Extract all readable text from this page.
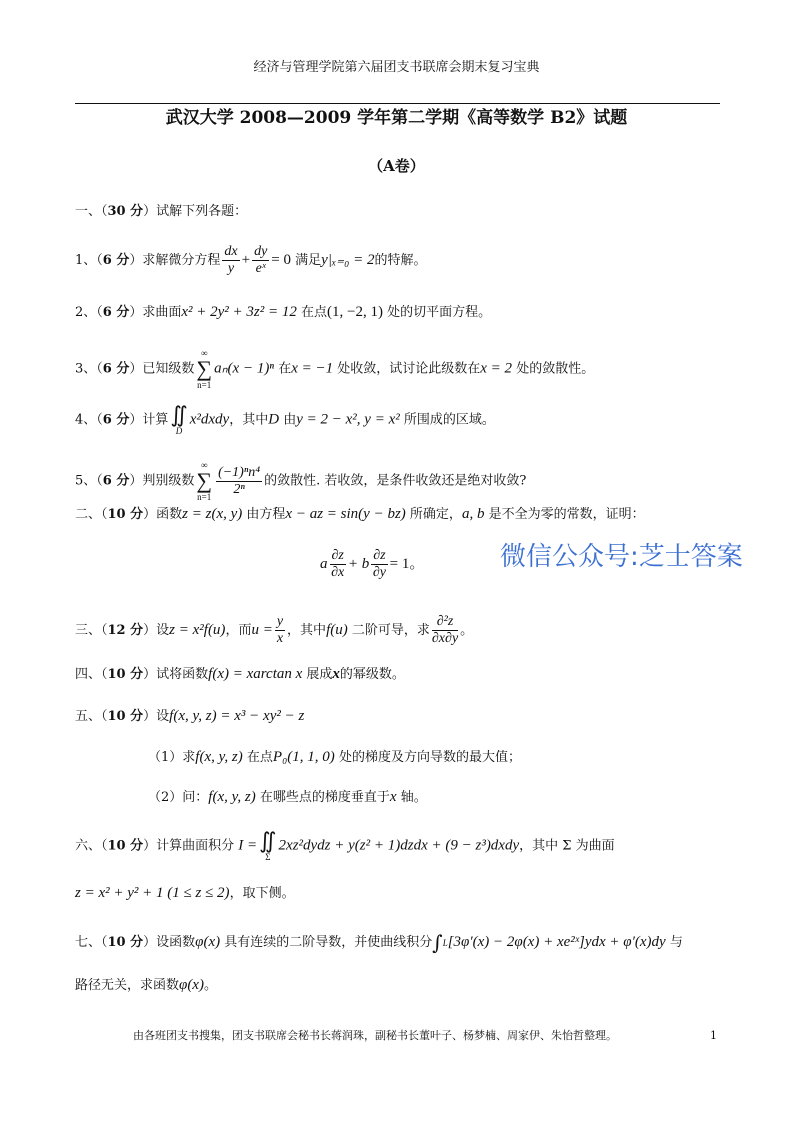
经济与管理学院第六届团支书联席会期末复习宝典
武汉大学 2008—2009 学年第二学期《高等数学 B2》试题
（A卷）
一、（30 分）试解下列各题：
1、（6 分）求解微分方程 $\frac{dx}{y} + \frac{dy}{\text{eˣ}} = 0$ 满足y|ₓ₌₀ = 2的特解。
2、（6 分）求曲面x² + 2y² + 3z² = 12 在点(1, −2, 1) 处的切平面方程。
3、（6 分）已知级数
∞
∑
n=1
aₙ(x − 1)ⁿ 在x = −1 处收敛，试讨论此级数在x = 2 处的敛散性。
4、（6 分）计算 ∬
D
x²dxdy，其中D 由y = 2 − x², y = x² 所围成的区域。
5、（6 分）判别级数
∞
∑
$n=1 \frac{\text{(−1)ⁿn⁴}}{\text{2ⁿ}}$ 的敛散性. 若收敛，是条件收敛还是绝对收敛?
二、（10 分）函数z = z(x, y) 由方程x − az = sin(y − bz) 所确定，a, b 是不全为零的常数，证明：
a $\frac{\partial z}{\partial x} + b \frac{\partial z}{\partial y} = 1$。
三、（12 分）设z = x²f(u)，而$u = \frac{y}{x}$ ，其中f(u) 二阶可导，求 $\frac{\text{∂²z}}{\partial x\partial y}$ 。
四、（10 分）试将函数f(x) = xarctan x 展成x的幂级数。
五、（10 分）设f(x, y, z) = x³ − xy² − z
（1）求f(x, y, z) 在点P₀(1, 1, 0) 处的梯度及方向导数的最大值；
（2）问：f(x, y, z) 在哪些点的梯度垂直于x 轴。
六、（10 分）计算曲面积分 I = ∬
Σ
2xz²dydz + y(z² + 1)dzdx + (9 − z³)dxdy，其中 Σ 为曲面
z = x² + y² + 1 (1 ≤ z ≤ 2)，取下侧。
七、（10 分）设函数φ(x) 具有连续的二阶导数，并使曲线积分∫L[3φ′(x) − 2φ(x) + xe²ˣ]ydx + φ′(x)dy 与
路径无关，求函数φ(x)。
由各班团支书搜集，团支书联席会秘书长蒋润珠，副秘书长董叶子、杨梦楠、周家伊、朱怡哲整理。	1
微信公众号:芝士答案
